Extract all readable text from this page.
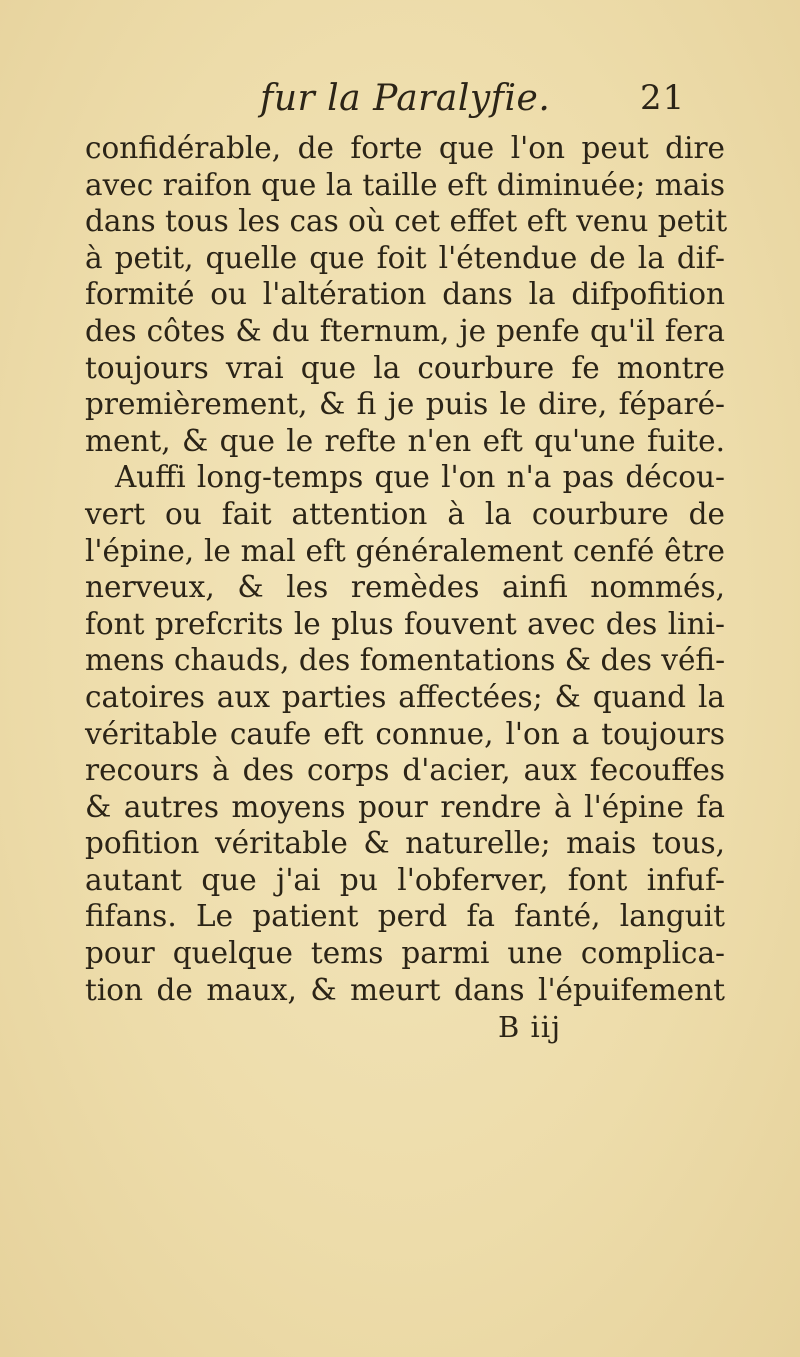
fur la Paralyfie.	21
confidérable, de forte que l'on peut dire
avec raifon que la taille eft diminuée; mais
dans tous les cas où cet effet eft venu petit
à petit, quelle que foit l'étendue de la dif-
formité ou l'altération dans la difpofition
des côtes & du fternum, je penfe qu'il fera
toujours vrai que la courbure fe montre
premièrement, & fi je puis le dire, féparé-
ment, & que le refte n'en eft qu'une fuite.
Auffi long-temps que l'on n'a pas décou-
vert ou fait attention à la courbure de
l'épine, le mal eft généralement cenfé être
nerveux, & les remèdes ainfi nommés,
font prefcrits le plus fouvent avec des lini-
mens chauds, des fomentations & des véfi-
catoires aux parties affectées; & quand la
véritable caufe eft connue, l'on a toujours
recours à des corps d'acier, aux fecouffes
& autres moyens pour rendre à l'épine fa
pofition véritable & naturelle; mais tous,
autant que j'ai pu l'obferver, font infuf-
fifans. Le patient perd fa fanté, languit
pour quelque tems parmi une complica-
tion de maux, & meurt dans l'épuifement
B iij
